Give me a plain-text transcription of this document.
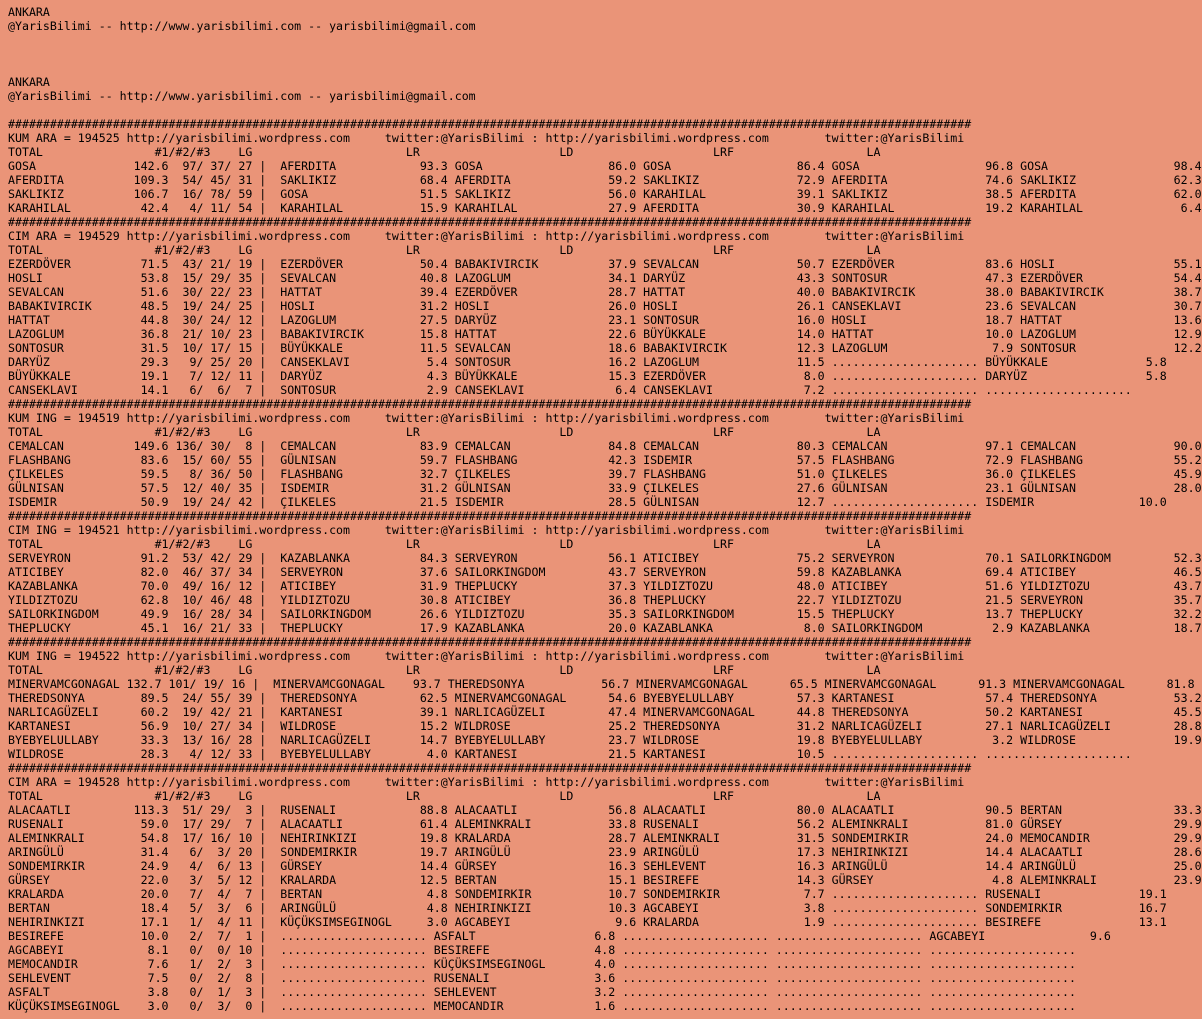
ANKARA
@YarisBilimi -- http://www.yarisbilimi.com -- yarisbilimi@gmail.com
ANKARA
@YarisBilimi -- http://www.yarisbilimi.com -- yarisbilimi@gmail.com
##########################################################################################################################################
KUM ARA = 194525 http://yarisbilimi.wordpress.com     twitter:@YarisBilimi : http://yarisbilimi.wordpress.com        twitter:@YarisBilimi
TOTAL                #1/#2/#3    LG                      LR                    LD                    LRF                   LA
GOSA              142.6  97/ 37/ 27 |  AFERDITA            93.3 GOSA                  86.0 GOSA                  86.4 GOSA                  96.8 GOSA                  98.4
AFERDITA          109.3  54/ 45/ 31 |  SAKLIKIZ            68.4 AFERDITA              59.2 SAKLIKIZ              72.9 AFERDITA              74.6 SAKLIKIZ              62.3
SAKLIKIZ          106.7  16/ 78/ 59 |  GOSA                51.5 SAKLIKIZ              56.0 KARAHILAL             39.1 SAKLIKIZ              38.5 AFERDITA              62.0
KARAHILAL          42.4   4/ 11/ 54 |  KARAHILAL           15.9 KARAHILAL             27.9 AFERDITA              30.9 KARAHILAL             19.2 KARAHILAL              6.4
##########################################################################################################################################
CIM ARA = 194529 http://yarisbilimi.wordpress.com     twitter:@YarisBilimi : http://yarisbilimi.wordpress.com        twitter:@YarisBilimi
TOTAL                #1/#2/#3    LG                      LR                    LD                    LRF                   LA
EZERDÖVER          71.5  43/ 21/ 19 |  EZERDÖVER           50.4 BABAKIVIRCIK          37.9 SEVALCAN              50.7 EZERDÖVER             83.6 HOSLI                 55.1
HOSLI              53.8  15/ 29/ 35 |  SEVALCAN            40.8 LAZOGLUM              34.1 DARYÜZ                43.3 SONTOSUR              47.3 EZERDÖVER             54.4
SEVALCAN           51.6  30/ 22/ 23 |  HATTAT              39.4 EZERDÖVER             28.7 HATTAT                40.0 BABAKIVIRCIK          38.0 BABAKIVIRCIK          38.7
BABAKIVIRCIK       48.5  19/ 24/ 25 |  HOSLI               31.2 HOSLI                 26.0 HOSLI                 26.1 CANSEKLAVI            23.6 SEVALCAN              30.7
HATTAT             44.8  30/ 24/ 12 |  LAZOGLUM            27.5 DARYÜZ                23.1 SONTOSUR              16.0 HOSLI                 18.7 HATTAT                13.6
LAZOGLUM           36.8  21/ 10/ 23 |  BABAKIVIRCIK        15.8 HATTAT                22.6 BÜYÜKKALE             14.0 HATTAT                10.0 LAZOGLUM              12.9
SONTOSUR           31.5  10/ 17/ 15 |  BÜYÜKKALE           11.5 SEVALCAN              18.6 BABAKIVIRCIK          12.3 LAZOGLUM               7.9 SONTOSUR              12.2
DARYÜZ             29.3   9/ 25/ 20 |  CANSEKLAVI           5.4 SONTOSUR              16.2 LAZOGLUM              11.5 ..................... BÜYÜKKALE              5.8
BÜYÜKKALE          19.1   7/ 12/ 11 |  DARYÜZ               4.3 BÜYÜKKALE             15.3 EZERDÖVER              8.0 ..................... DARYÜZ                 5.8
CANSEKLAVI         14.1   6/  6/  7 |  SONTOSUR             2.9 CANSEKLAVI             6.4 CANSEKLAVI             7.2 ..................... .....................
##########################################################################################################################################
KUM ING = 194519 http://yarisbilimi.wordpress.com     twitter:@YarisBilimi : http://yarisbilimi.wordpress.com        twitter:@YarisBilimi
TOTAL                #1/#2/#3    LG                      LR                    LD                    LRF                   LA
CEMALCAN          149.6 136/ 30/  8 |  CEMALCAN            83.9 CEMALCAN              84.8 CEMALCAN              80.3 CEMALCAN              97.1 CEMALCAN              90.0
FLASHBANG          83.6  15/ 60/ 55 |  GÜLNISAN            59.7 FLASHBANG             42.3 ISDEMIR               57.5 FLASHBANG             72.9 FLASHBANG             55.2
ÇILKELES           59.5   8/ 36/ 50 |  FLASHBANG           32.7 ÇILKELES              39.7 FLASHBANG             51.0 ÇILKELES              36.0 ÇILKELES              45.9
GÜLNISAN           57.5  12/ 40/ 35 |  ISDEMIR             31.2 GÜLNISAN              33.9 ÇILKELES              27.6 GÜLNISAN              23.1 GÜLNISAN              28.0
ISDEMIR            50.9  19/ 24/ 42 |  ÇILKELES            21.5 ISDEMIR               28.5 GÜLNISAN              12.7 ..................... ISDEMIR               10.0
##########################################################################################################################################
CIM ING = 194521 http://yarisbilimi.wordpress.com     twitter:@YarisBilimi : http://yarisbilimi.wordpress.com        twitter:@YarisBilimi
TOTAL                #1/#2/#3    LG                      LR                    LD                    LRF                   LA
SERVEYRON          91.2  53/ 42/ 29 |  KAZABLANKA          84.3 SERVEYRON             56.1 ATICIBEY              75.2 SERVEYRON             70.1 SAILORKINGDOM         52.3
ATICIBEY           82.0  46/ 37/ 34 |  SERVEYRON           37.6 SAILORKINGDOM         43.7 SERVEYRON             59.8 KAZABLANKA            69.4 ATICIBEY              46.5
KAZABLANKA         70.0  49/ 16/ 12 |  ATICIBEY            31.9 THEPLUCKY             37.3 YILDIZTOZU            48.0 ATICIBEY              51.6 YILDIZTOZU            43.7
YILDIZTOZU         62.8  10/ 46/ 48 |  YILDIZTOZU          30.8 ATICIBEY              36.8 THEPLUCKY             22.7 YILDIZTOZU            21.5 SERVEYRON             35.7
SAILORKINGDOM      49.9  16/ 28/ 34 |  SAILORKINGDOM       26.6 YILDIZTOZU            35.3 SAILORKINGDOM         15.5 THEPLUCKY             13.7 THEPLUCKY             32.2
THEPLUCKY          45.1  16/ 21/ 33 |  THEPLUCKY           17.9 KAZABLANKA            20.0 KAZABLANKA             8.0 SAILORKINGDOM          2.9 KAZABLANKA            18.7
##########################################################################################################################################
KUM ING = 194522 http://yarisbilimi.wordpress.com     twitter:@YarisBilimi : http://yarisbilimi.wordpress.com        twitter:@YarisBilimi
TOTAL                #1/#2/#3    LG                      LR                    LD                    LRF                   LA
MINERVAMCGONAGAL 132.7 101/ 19/ 16 |  MINERVAMCGONAGAL    93.7 THEREDSONYA           56.7 MINERVAMCGONAGAL      65.5 MINERVAMCGONAGAL      91.3 MINERVAMCGONAGAL      81.8
THEREDSONYA        89.5  24/ 55/ 39 |  THEREDSONYA         62.5 MINERVAMCGONAGAL      54.6 BYEBYELULLABY         57.3 KARTANESI             57.4 THEREDSONYA           53.2
NARLICAGÜZELI      60.2  19/ 42/ 21 |  KARTANESI           39.1 NARLICAGÜZELI         47.4 MINERVAMCGONAGAL      44.8 THEREDSONYA           50.2 KARTANESI             45.5
KARTANESI          56.9  10/ 27/ 34 |  WILDROSE            15.2 WILDROSE              25.2 THEREDSONYA           31.2 NARLICAGÜZELI         27.1 NARLICAGÜZELI         28.8
BYEBYELULLABY      33.3  13/ 16/ 28 |  NARLICAGÜZELI       14.7 BYEBYELULLABY         23.7 WILDROSE              19.8 BYEBYELULLABY          3.2 WILDROSE              19.9
WILDROSE           28.3   4/ 12/ 33 |  BYEBYELULLABY        4.0 KARTANESI             21.5 KARTANESI             10.5 ..................... .....................
##########################################################################################################################################
CIM ARA = 194528 http://yarisbilimi.wordpress.com     twitter:@YarisBilimi : http://yarisbilimi.wordpress.com        twitter:@YarisBilimi
TOTAL                #1/#2/#3    LG                      LR                    LD                    LRF                   LA
ALACAATLI         113.3  51/ 29/  3 |  RUSENALI            88.8 ALACAATLI             56.8 ALACAATLI             80.0 ALACAATLI             90.5 BERTAN                33.3
RUSENALI           59.0  17/ 29/  7 |  ALACAATLI           61.4 ALEMINKRALI           33.8 RUSENALI              56.2 ALEMINKRALI           81.0 GÜRSEY                29.9
ALEMINKRALI        54.8  17/ 16/ 10 |  NEHIRINKIZI         19.8 KRALARDA              28.7 ALEMINKRALI           31.5 SONDEMIRKIR           24.0 MEMOCANDIR            29.9
ARINGÜLÜ           31.4   6/  3/ 20 |  SONDEMIRKIR         19.7 ARINGÜLÜ              23.9 ARINGÜLÜ              17.3 NEHIRINKIZI           14.4 ALACAATLI             28.6
SONDEMIRKIR        24.9   4/  6/ 13 |  GÜRSEY              14.4 GÜRSEY                16.3 SEHLEVENT             16.3 ARINGÜLÜ              14.4 ARINGÜLÜ              25.0
GÜRSEY             22.0   3/  5/ 12 |  KRALARDA            12.5 BERTAN                15.1 BESIREFE              14.3 GÜRSEY                 4.8 ALEMINKRALI           23.9
KRALARDA           20.0   7/  4/  7 |  BERTAN               4.8 SONDEMIRKIR           10.7 SONDEMIRKIR            7.7 ..................... RUSENALI              19.1
BERTAN             18.4   5/  3/  6 |  ARINGÜLÜ             4.8 NEHIRINKIZI           10.3 AGCABEYI               3.8 ..................... SONDEMIRKIR           16.7
NEHIRINKIZI        17.1   1/  4/ 11 |  KÜÇÜKSIMSEGINOGL     3.0 AGCABEYI               9.6 KRALARDA               1.9 ..................... BESIREFE              13.1
BESIREFE           10.0   2/  7/  1 |  ..................... ASFALT                 6.8 ..................... ..................... AGCABEYI               9.6
AGCABEYI            8.1   0/  0/ 10 |  ..................... BESIREFE               4.8 ..................... ..................... .....................
MEMOCANDIR          7.6   1/  2/  3 |  ..................... KÜÇÜKSIMSEGINOGL       4.0 ..................... ..................... .....................
SEHLEVENT           7.5   0/  2/  8 |  ..................... RUSENALI               3.6 ..................... ..................... .....................
ASFALT              3.8   0/  1/  3 |  ..................... SEHLEVENT              3.2 ..................... ..................... .....................
KÜÇÜKSIMSEGINOGL    3.0   0/  3/  0 |  ..................... MEMOCANDIR             1.6 ..................... ..................... .....................
